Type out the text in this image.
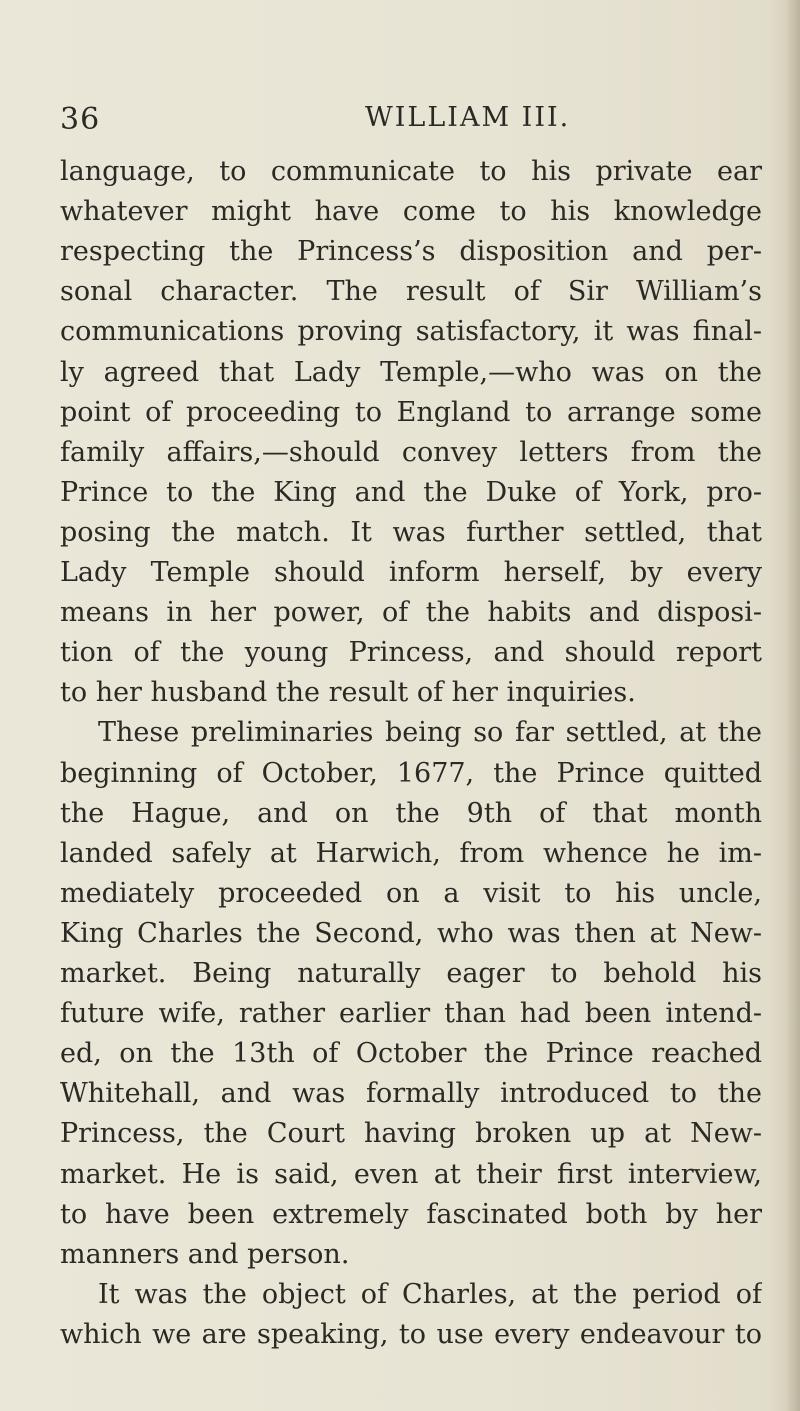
36	WILLIAM III.
language, to communicate to his private ear
whatever might have come to his knowledge
respecting the Princess’s disposition and per-
sonal character. The result of Sir William’s
communications proving satisfactory, it was final-
ly agreed that Lady Temple,—who was on the
point of proceeding to England to arrange some
family affairs,—should convey letters from the
Prince to the King and the Duke of York, pro-
posing the match. It was further settled, that
Lady Temple should inform herself, by every
means in her power, of the habits and disposi-
tion of the young Princess, and should report
to her husband the result of her inquiries.
These preliminaries being so far settled, at the
beginning of October, 1677, the Prince quitted
the Hague, and on the 9th of that month
landed safely at Harwich, from whence he im-
mediately proceeded on a visit to his uncle,
King Charles the Second, who was then at New-
market. Being naturally eager to behold his
future wife, rather earlier than had been intend-
ed, on the 13th of October the Prince reached
Whitehall, and was formally introduced to the
Princess, the Court having broken up at New-
market. He is said, even at their first interview,
to have been extremely fascinated both by her
manners and person.
It was the object of Charles, at the period of
which we are speaking, to use every endeavour to
